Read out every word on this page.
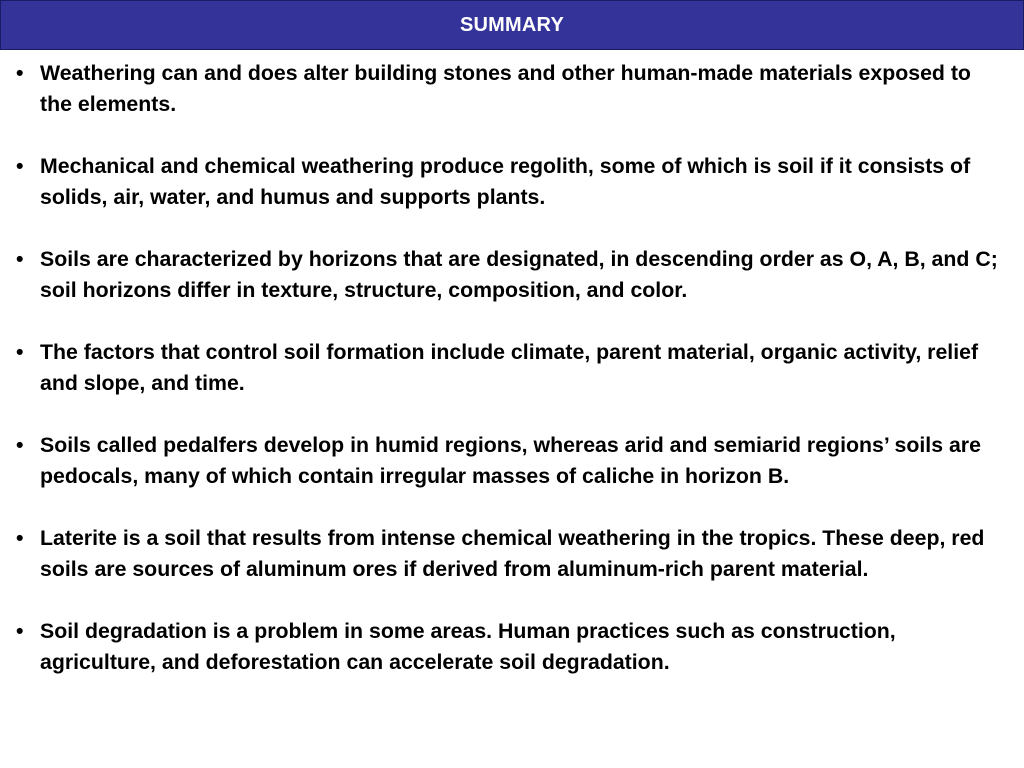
SUMMARY
• Weathering can and does alter building stones and other human-made materials exposed to the elements.
• Mechanical and chemical weathering produce regolith, some of which is soil if it consists of solids, air, water, and humus and supports plants.
• Soils are characterized by horizons that are designated, in descending order as O, A, B, and C; soil horizons differ in texture, structure, composition, and color.
• The factors that control soil formation include climate, parent material, organic activity, relief and slope, and time.
• Soils called pedalfers develop in humid regions, whereas arid and semiarid regions’ soils are pedocals, many of which contain irregular masses of caliche in horizon B.
• Laterite is a soil that results from intense chemical weathering in the tropics. These deep, red soils are sources of aluminum ores if derived from aluminum-rich parent material.
• Soil degradation is a problem in some areas. Human practices such as construction, agriculture, and deforestation can accelerate soil degradation.
